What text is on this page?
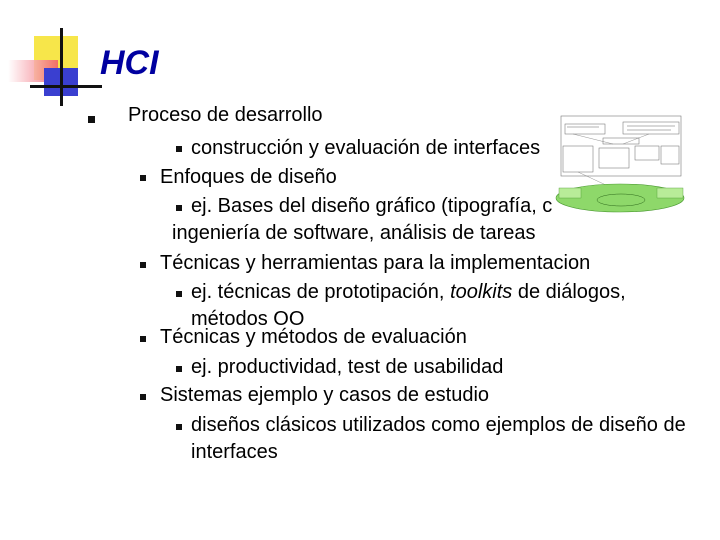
HCI
Proceso de desarrollo
construcción y evaluación de interfaces
Enfoques de diseño
ej. Bases del diseño gráfico (tipografía, c
ingeniería de software, análisis de tareas
Técnicas y herramientas para la implementacion
ej. técnicas de prototipación, toolkits de diálogos,
métodos OO
Técnicas y métodos de evaluación
ej. productividad, test de usabilidad
Sistemas ejemplo y casos de estudio
diseños clásicos utilizados como ejemplos de diseño de
interfaces
